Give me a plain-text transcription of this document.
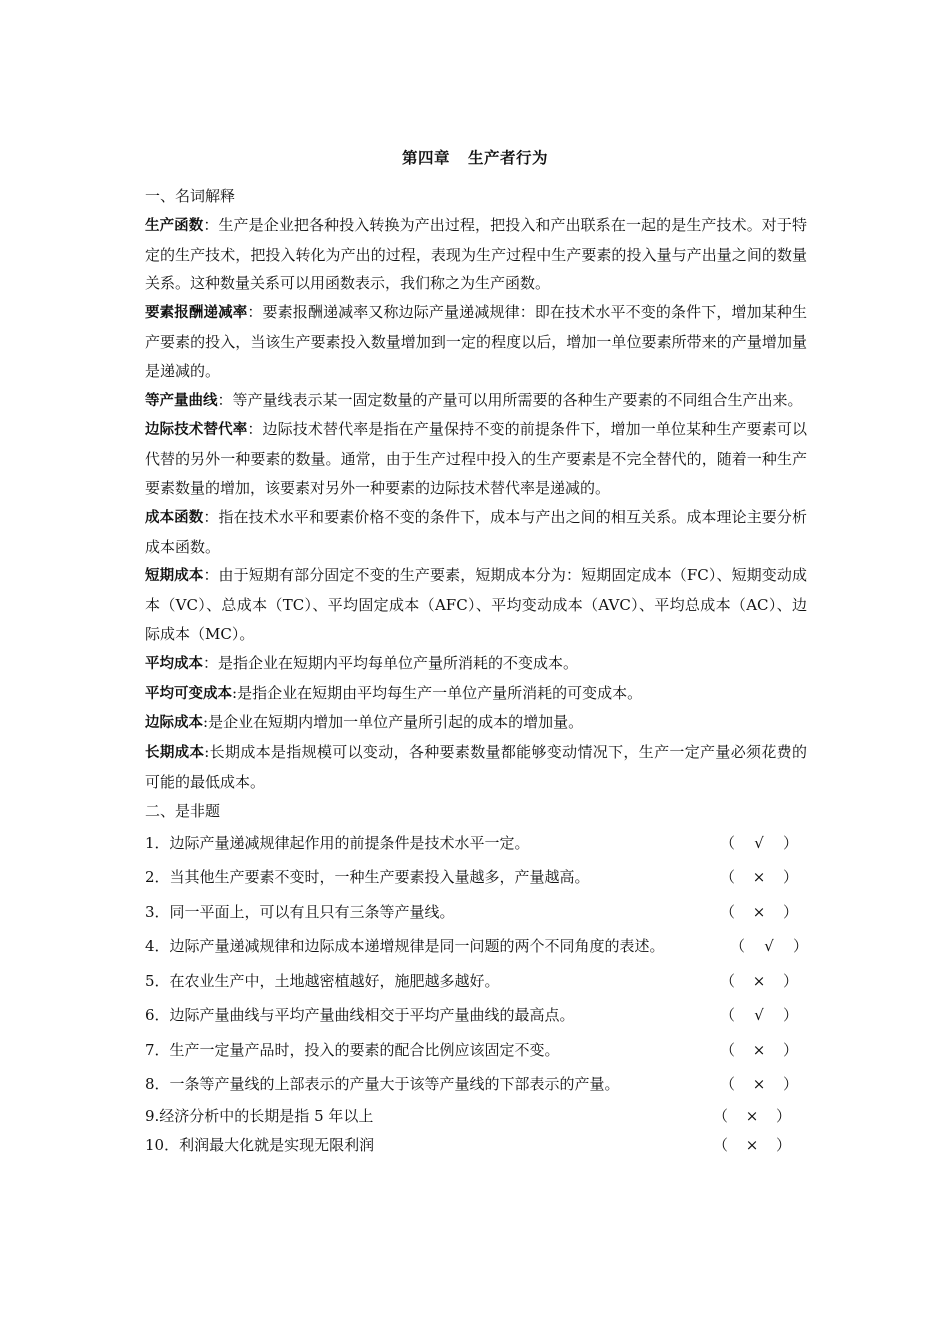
第四章 生产者行为

一、名词解释

生产函数：生产是企业把各种投入转换为产出过程，把投入和产出联系在一起的是生产技术。对于特定的生产技术，把投入转化为产出的过程，表现为生产过程中生产要素的投入量与产出量之间的数量关系。这种数量关系可以用函数表示，我们称之为生产函数。

要素报酬递减率：要素报酬递减率又称边际产量递减规律：即在技术水平不变的条件下，增加某种生产要素的投入，当该生产要素投入数量增加到一定的程度以后，增加一单位要素所带来的产量增加量是递减的。

等产量曲线：等产量线表示某一固定数量的产量可以用所需要的各种生产要素的不同组合生产出来。

边际技术替代率：边际技术替代率是指在产量保持不变的前提条件下，增加一单位某种生产要素可以代替的另外一种要素的数量。通常，由于生产过程中投入的生产要素是不完全替代的，随着一种生产要素数量的增加，该要素对另外一种要素的边际技术替代率是递减的。

成本函数：指在技术水平和要素价格不变的条件下，成本与产出之间的相互关系。成本理论主要分析成本函数。

短期成本：由于短期有部分固定不变的生产要素，短期成本分为：短期固定成本（FC）、短期变动成本（VC）、总成本（TC）、平均固定成本（AFC）、平均变动成本（AVC）、平均总成本（AC）、边际成本（MC）。

平均成本：是指企业在短期内平均每单位产量所消耗的不变成本。

平均可变成本:是指企业在短期由平均每生产一单位产量所消耗的可变成本。

边际成本:是企业在短期内增加一单位产量所引起的成本的增加量。

长期成本:长期成本是指规模可以变动，各种要素数量都能够变动情况下，生产一定产量必须花费的可能的最低成本。

二、是非题

1．边际产量递减规律起作用的前提条件是技术水平一定。	（ √ ）
2．当其他生产要素不变时，一种生产要素投入量越多，产量越高。	（ × ）
3．同一平面上，可以有且只有三条等产量线。	（ × ）
4．边际产量递减规律和边际成本递增规律是同一问题的两个不同角度的表述。	（ √ ）
5．在农业生产中，土地越密植越好，施肥越多越好。	（ × ）
6．边际产量曲线与平均产量曲线相交于平均产量曲线的最高点。	（ √ ）
7．生产一定量产品时，投入的要素的配合比例应该固定不变。	（ × ）
8．一条等产量线的上部表示的产量大于该等产量线的下部表示的产量。	（ × ）
9.经济分析中的长期是指 5 年以上	（ × ）
10．利润最大化就是实现无限利润	（ × ）
